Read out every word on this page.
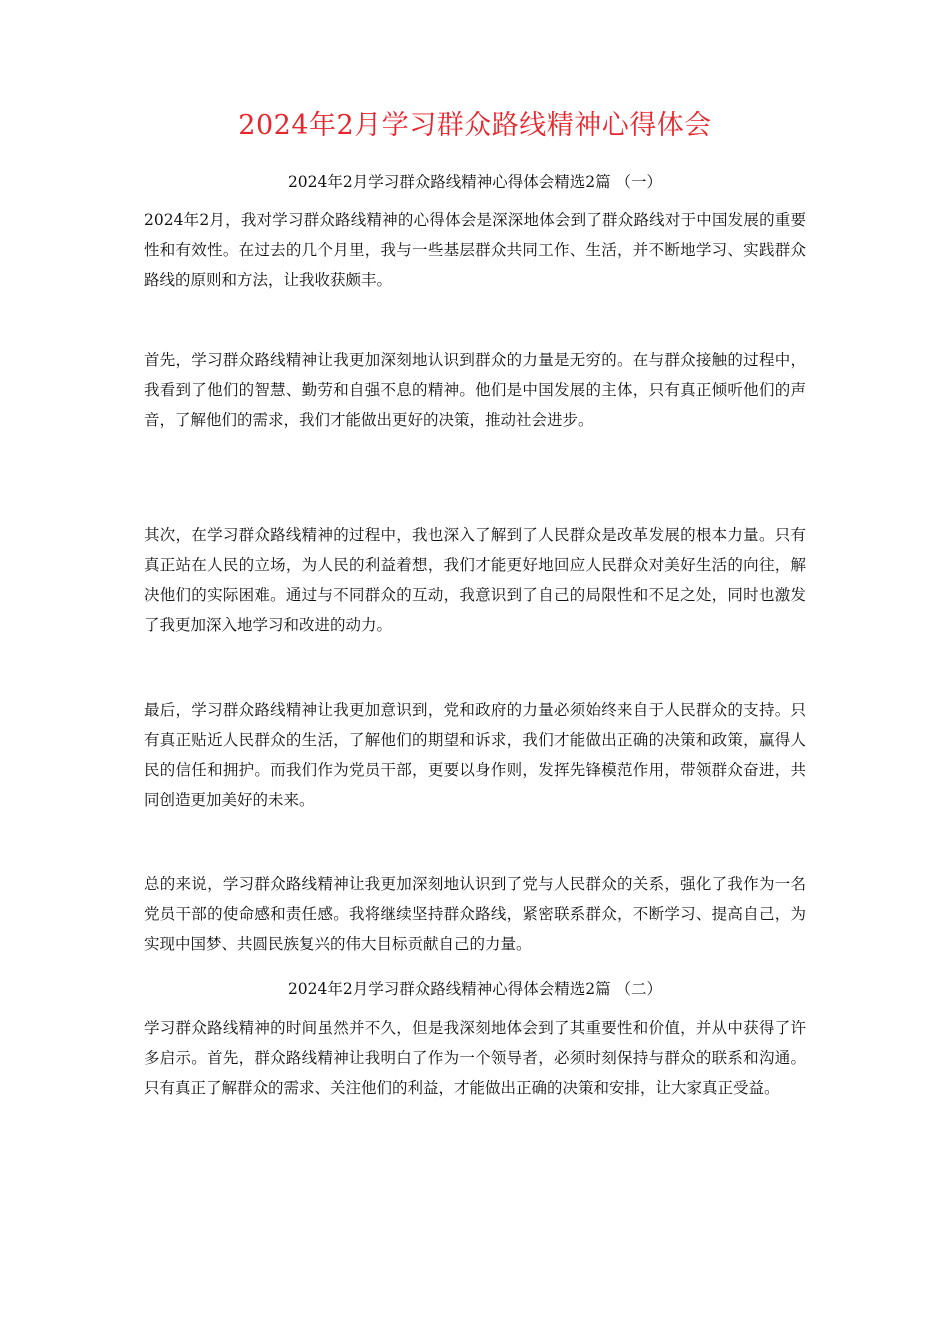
2024年2月学习群众路线精神心得体会
2024年2月学习群众路线精神心得体会精选2篇 （一）

2024年2月，我对学习群众路线精神的心得体会是深深地体会到了群众路线对于中国发展的重要性和有效性。在过去的几个月里，我与一些基层群众共同工作、生活，并不断地学习、实践群众路线的原则和方法，让我收获颇丰。

首先，学习群众路线精神让我更加深刻地认识到群众的力量是无穷的。在与群众接触的过程中，我看到了他们的智慧、勤劳和自强不息的精神。他们是中国发展的主体，只有真正倾听他们的声音，了解他们的需求，我们才能做出更好的决策，推动社会进步。

其次，在学习群众路线精神的过程中，我也深入了解到了人民群众是改革发展的根本力量。只有真正站在人民的立场，为人民的利益着想，我们才能更好地回应人民群众对美好生活的向往，解决他们的实际困难。通过与不同群众的互动，我意识到了自己的局限性和不足之处，同时也激发了我更加深入地学习和改进的动力。

最后，学习群众路线精神让我更加意识到，党和政府的力量必须始终来自于人民群众的支持。只有真正贴近人民群众的生活，了解他们的期望和诉求，我们才能做出正确的决策和政策，赢得人民的信任和拥护。而我们作为党员干部，更要以身作则，发挥先锋模范作用，带领群众奋进，共同创造更加美好的未来。

总的来说，学习群众路线精神让我更加深刻地认识到了党与人民群众的关系，强化了我作为一名党员干部的使命感和责任感。我将继续坚持群众路线，紧密联系群众，不断学习、提高自己，为实现中国梦、共圆民族复兴的伟大目标贡献自己的力量。

2024年2月学习群众路线精神心得体会精选2篇 （二）

学习群众路线精神的时间虽然并不久，但是我深刻地体会到了其重要性和价值，并从中获得了许多启示。首先，群众路线精神让我明白了作为一个领导者，必须时刻保持与群众的联系和沟通。只有真正了解群众的需求、关注他们的利益，才能做出正确的决策和安排，让大家真正受益。
